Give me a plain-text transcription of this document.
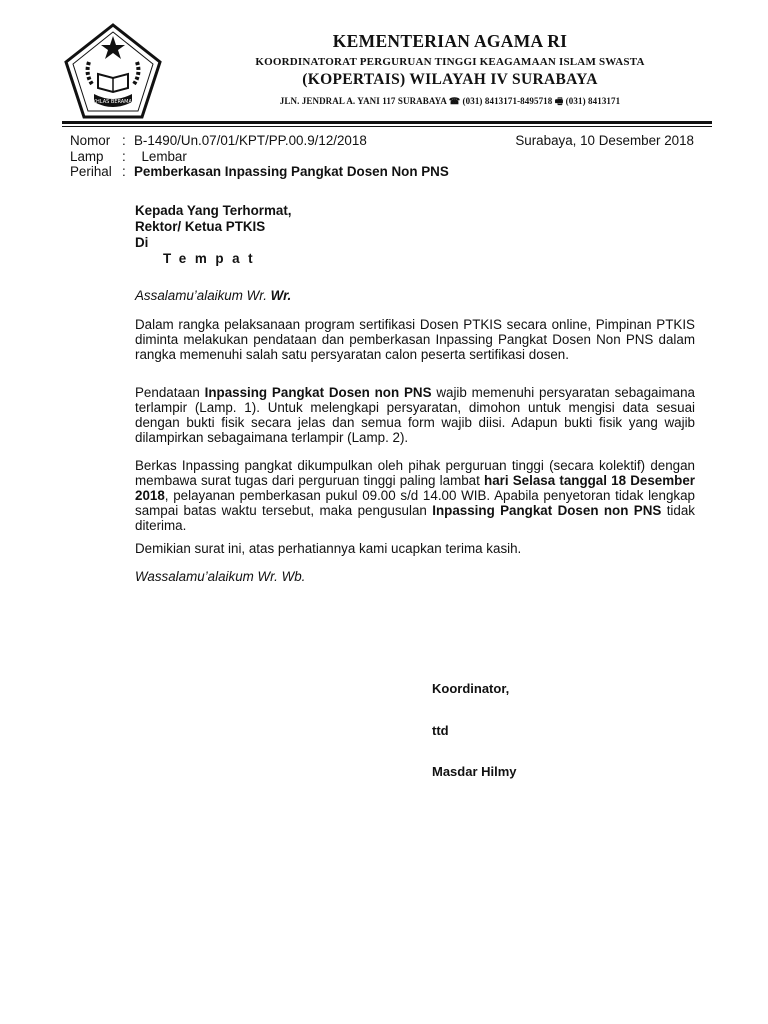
IKHLAS BERAMAL
KEMENTERIAN AGAMA RI
KOORDINATORAT PERGURUAN TINGGI KEAGAMAAN ISLAM SWASTA
(KOPERTAIS) WILAYAH IV SURABAYA
JLN. JENDRAL A. YANI 117 SURABAYA ☎ (031) 8413171-8495718 🖷 (031) 8413171
Nomor : B-1490/Un.07/01/KPT/PP.00.9/12/2018
Lamp	: Lembar
Perihal : Pemberkasan Inpassing Pangkat Dosen Non PNS
Surabaya, 10 Desember 2018
Kepada Yang Terhormat,
Rektor/ Ketua PTKIS
Di
Tempat
Assalamu’alaikum Wr. Wr.

Dalam rangka pelaksanaan program sertifikasi Dosen PTKIS secara online, Pimpinan PTKIS diminta melakukan pendataan dan pemberkasan Inpassing Pangkat Dosen Non PNS dalam rangka memenuhi salah satu persyaratan calon peserta sertifikasi dosen.

Pendataan Inpassing Pangkat Dosen non PNS wajib memenuhi persyaratan sebagaimana terlampir (Lamp. 1). Untuk melengkapi persyaratan, dimohon untuk mengisi data sesuai dengan bukti fisik secara jelas dan semua form wajib diisi. Adapun bukti fisik yang wajib dilampirkan sebagaimana terlampir (Lamp. 2).

Berkas Inpassing pangkat dikumpulkan oleh pihak perguruan tinggi (secara kolektif) dengan membawa surat tugas dari perguruan tinggi paling lambat hari Selasa tanggal 18 Desember 2018, pelayanan pemberkasan pukul 09.00 s/d 14.00 WIB. Apabila penyetoran tidak lengkap sampai batas waktu tersebut, maka pengusulan Inpassing Pangkat Dosen non PNS tidak diterima.

Demikian surat ini, atas perhatiannya kami ucapkan terima kasih.

Wassalamu’alaikum Wr. Wb.

Koordinator,
ttd
Masdar Hilmy
